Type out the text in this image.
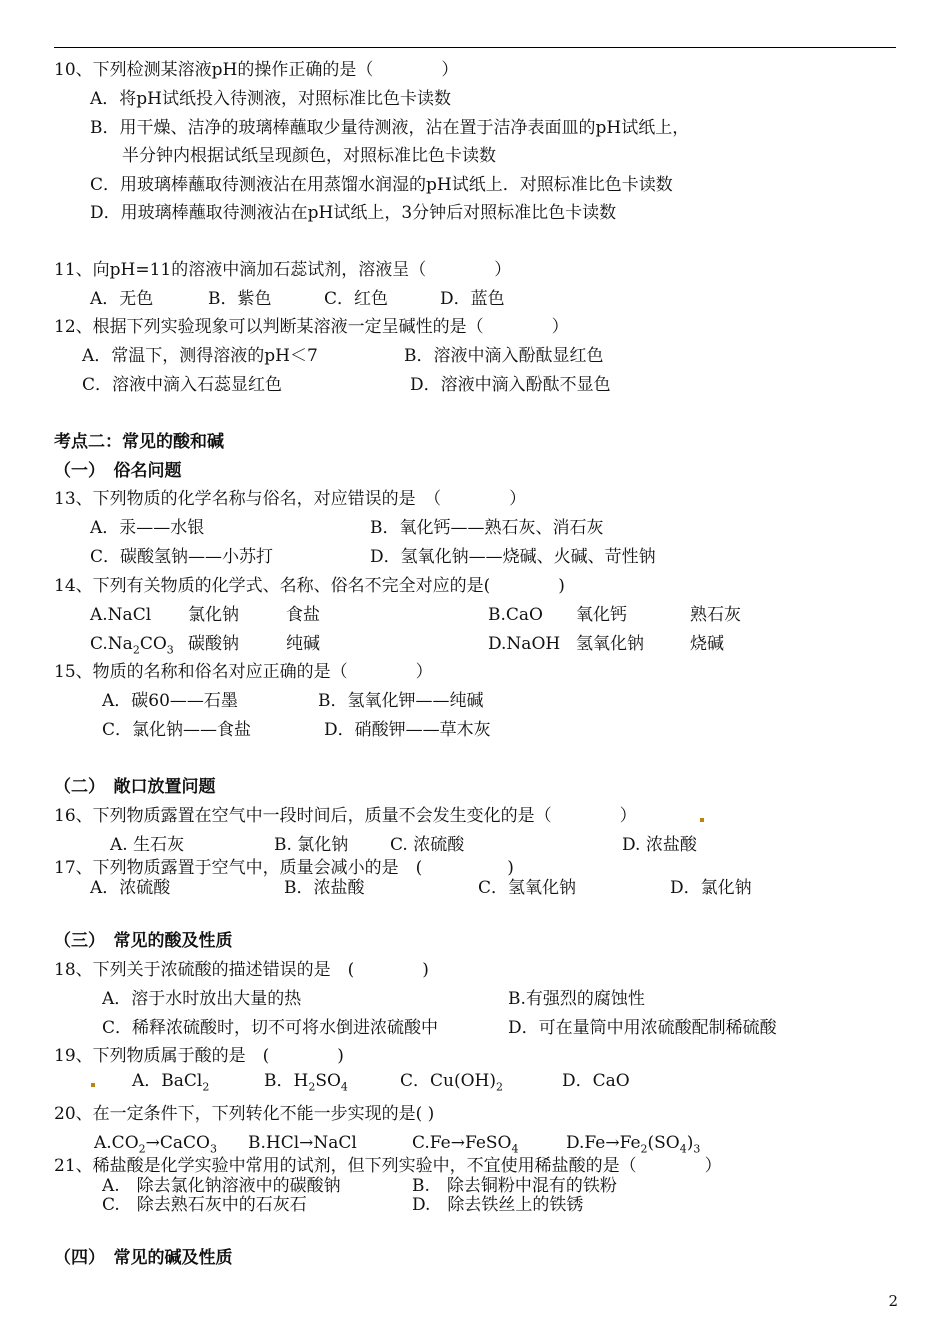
10、下列检测某溶液pH的操作正确的是（　　　　）
A．将pH试纸投入待测液，对照标准比色卡读数
B．用干燥、洁净的玻璃棒蘸取少量待测液，沾在置于洁净表面皿的pH试纸上，
半分钟内根据试纸呈现颜色，对照标准比色卡读数
C．用玻璃棒蘸取待测液沾在用蒸馏水润湿的pH试纸上．对照标准比色卡读数
D．用玻璃棒蘸取待测液沾在pH试纸上，3分钟后对照标准比色卡读数
11、向pH=11的溶液中滴加石蕊试剂，溶液呈（　　　　）
A．无色	B．紫色	C．红色	D．蓝色
12、根据下列实验现象可以判断某溶液一定呈碱性的是（　　　　）
A．常温下，测得溶液的pH＜7	B．溶液中滴入酚酞显红色
C．溶液中滴入石蕊显红色	D．溶液中滴入酚酞不显色
考点二：常见的酸和碱
（一）　俗名问题
13、下列物质的化学名称与俗名，对应错误的是　（　　　　）
A．汞——水银	B．氧化钙——熟石灰、消石灰
C．碳酸氢钠——小苏打	D．氢氧化钠——烧碱、火碱、苛性钠
14、下列有关物质的化学式、名称、俗名不完全对应的是(　　　　)
A.NaCl 氯化钠	食盐	B.CaO 氧化钙	熟石灰
$C.Na_2CO_3$ 碳酸钠	纯碱	D.NaOH 氢氧化钠	烧碱
15、物质的名称和俗名对应正确的是（　　　　）
A．碳60——石墨	B．氢氧化钾——纯碱
C．氯化钠——食盐	D．硝酸钾——草木灰
（二）　敞口放置问题
16、下列物质露置在空气中一段时间后，质量不会发生变化的是（　　　　）
A. 生石灰	B. 氯化钠 C. 浓硫酸	D. 浓盐酸
17、下列物质露置于空气中，质量会减小的是　(　　　　　)
A．浓硫酸	B．浓盐酸	C．氢氧化钠	D．氯化钠
（三）　常见的酸及性质
18、下列关于浓硫酸的描述错误的是　(　　　　)
A．溶于水时放出大量的热	B.有强烈的腐蚀性
C．稀释浓硫酸时，切不可将水倒进浓硫酸中	D．可在量筒中用浓硫酸配制稀硫酸
19、下列物质属于酸的是　(　　　　)
A．BaCl$_2$	B．$H_2SO_4$	C．$Cu(OH)_2$	D．CaO
20、在一定条件下，下列转化不能一步实现的是( )
$A.CO_2\to CaCO_3$ B.HCl→NaCl	C.Fe→FeSO$_4$	$D.Fe\to Fe_2(SO_4)_3$
21、稀盐酸是化学实验中常用的试剂，但下列实验中，不宜使用稀盐酸的是（　　　　）
A.　除去氯化钠溶液中的碳酸钠	B.　除去铜粉中混有的铁粉
C.　除去熟石灰中的石灰石	D.　除去铁丝上的铁锈
（四）　常见的碱及性质
2
